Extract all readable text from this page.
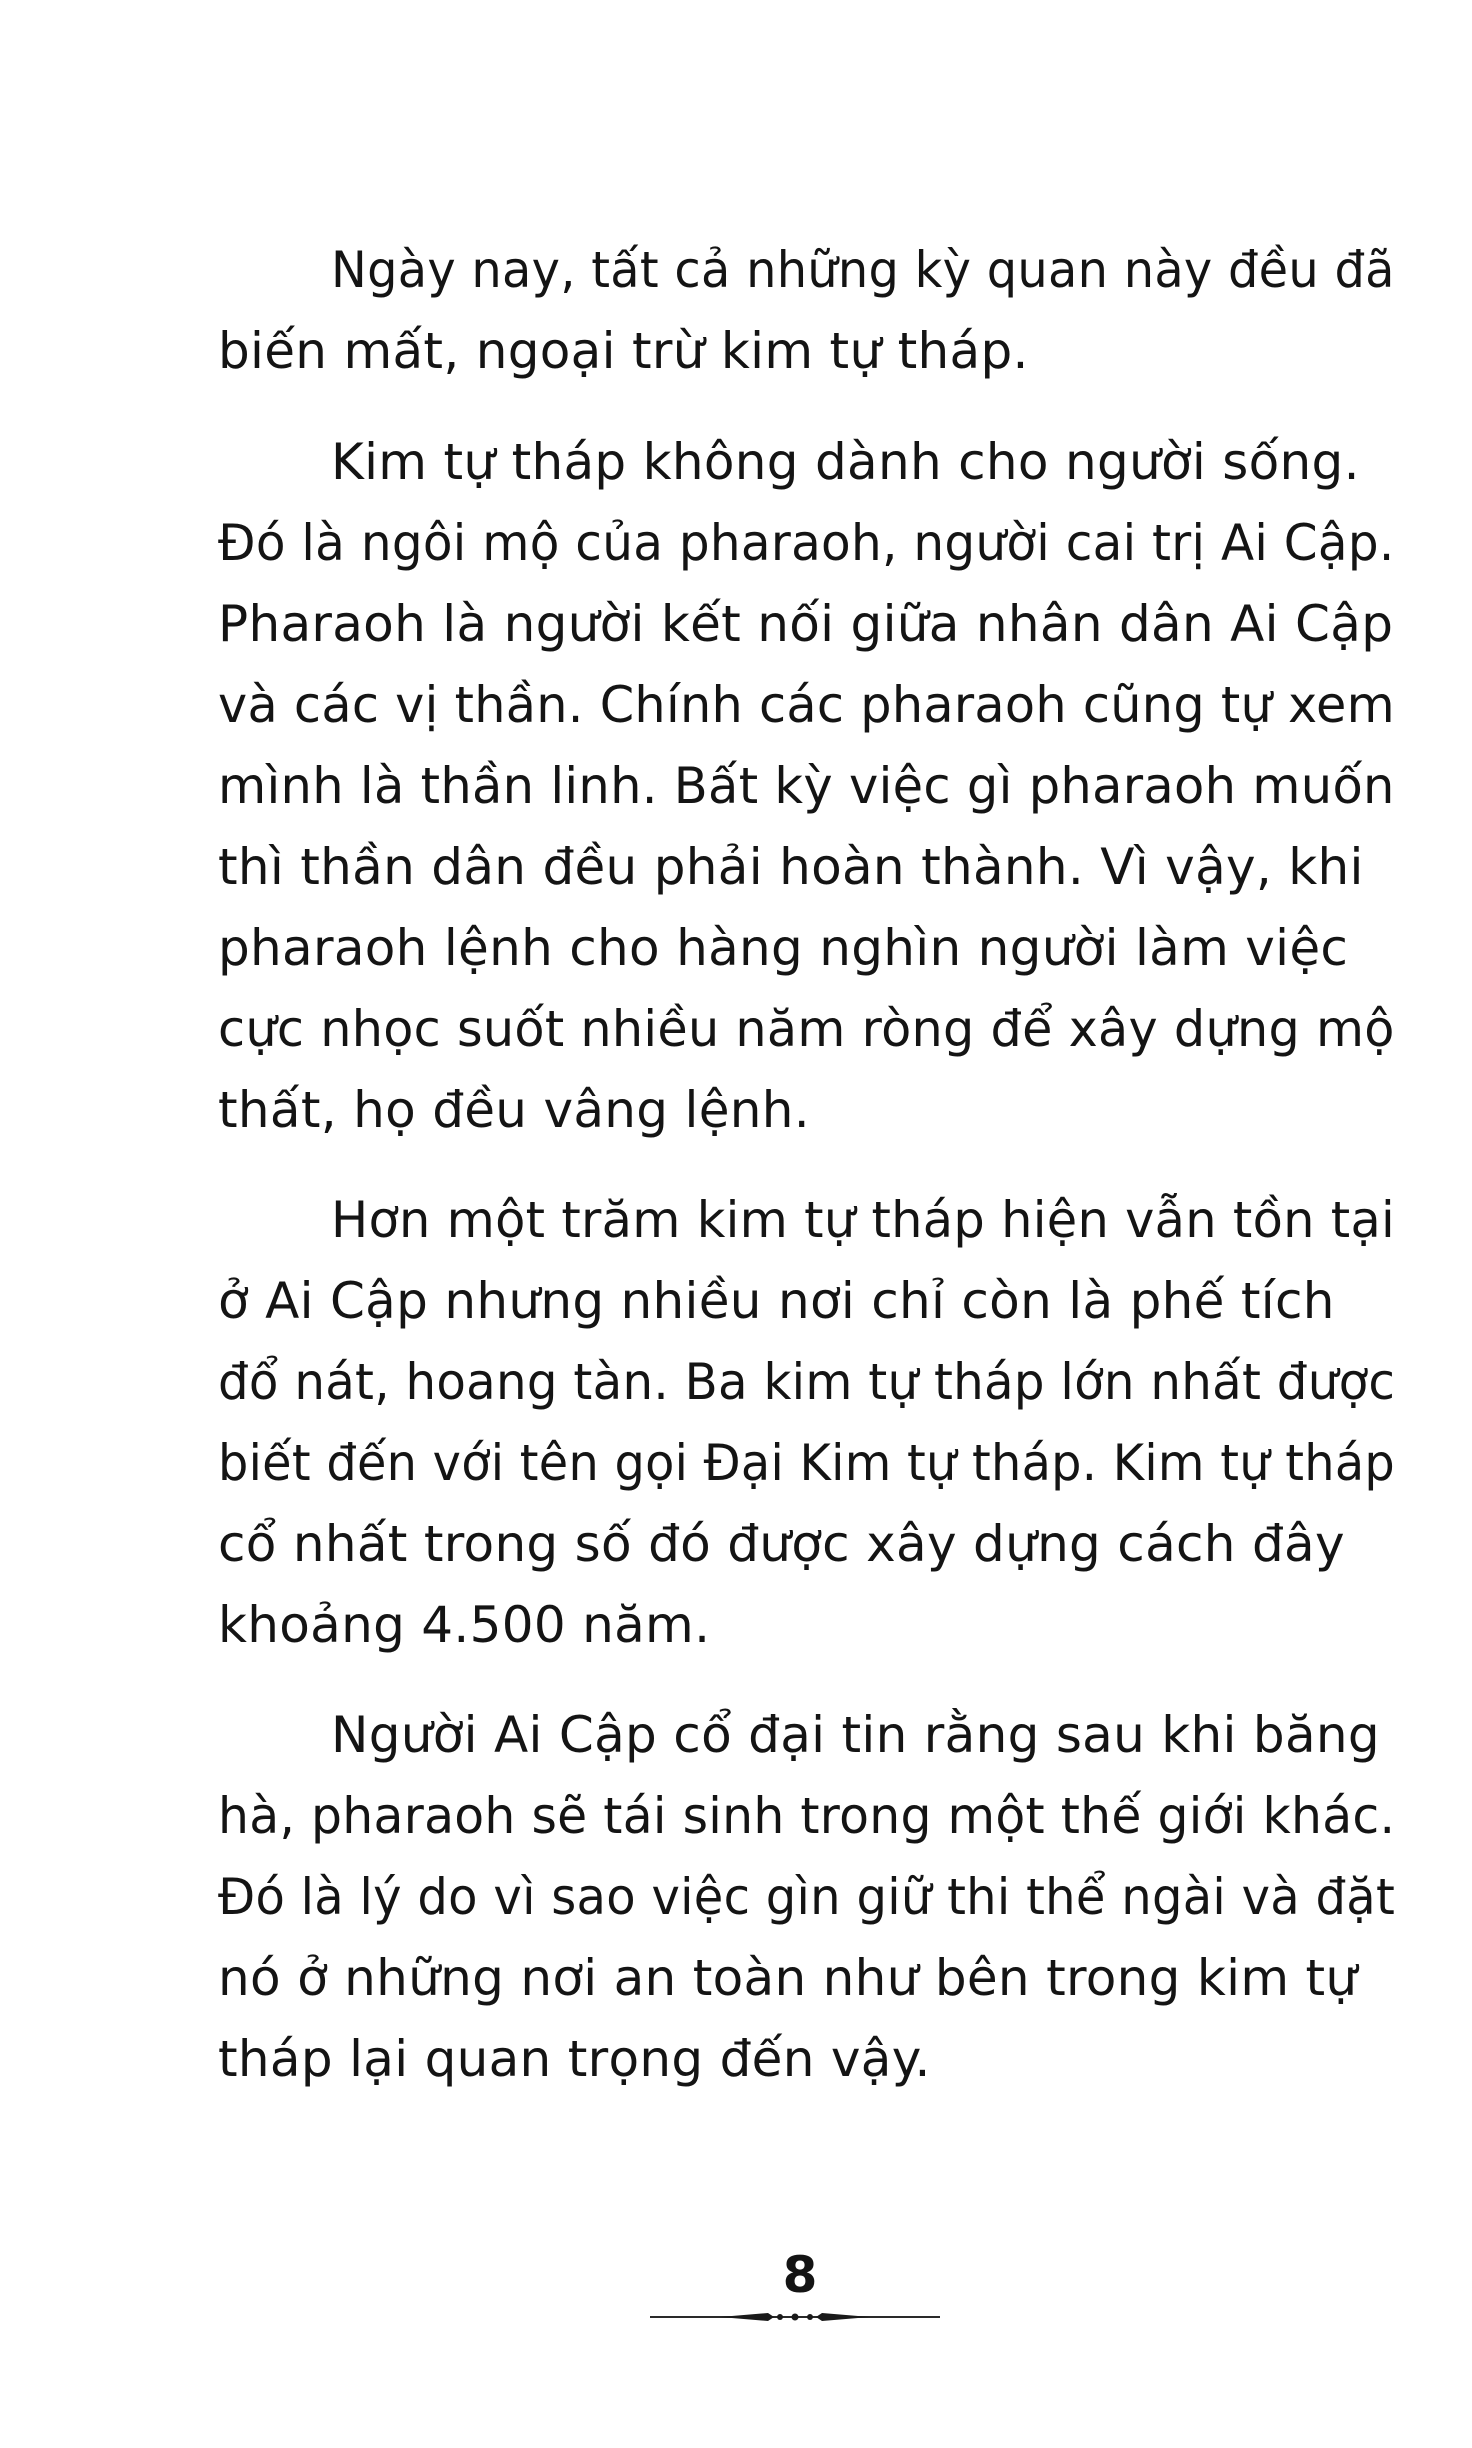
Ngày nay, tất cả những kỳ quan này đều đã
biến mất, ngoại trừ kim tự tháp.
Kim tự tháp không dành cho người sống.
Đó là ngôi mộ của pharaoh, người cai trị Ai Cập.
Pharaoh là người kết nối giữa nhân dân Ai Cập
và các vị thần. Chính các pharaoh cũng tự xem
mình là thần linh. Bất kỳ việc gì pharaoh muốn
thì thần dân đều phải hoàn thành. Vì vậy, khi
pharaoh lệnh cho hàng nghìn người làm việc
cực nhọc suốt nhiều năm ròng để xây dựng mộ
thất, họ đều vâng lệnh.
Hơn một trăm kim tự tháp hiện vẫn tồn tại
ở Ai Cập nhưng nhiều nơi chỉ còn là phế tích
đổ nát, hoang tàn. Ba kim tự tháp lớn nhất được
biết đến với tên gọi Đại Kim tự tháp. Kim tự tháp
cổ nhất trong số đó được xây dựng cách đây
khoảng 4.500 năm.
Người Ai Cập cổ đại tin rằng sau khi băng
hà, pharaoh sẽ tái sinh trong một thế giới khác.
Đó là lý do vì sao việc gìn giữ thi thể ngài và đặt
nó ở những nơi an toàn như bên trong kim tự
tháp lại quan trọng đến vậy.
8
